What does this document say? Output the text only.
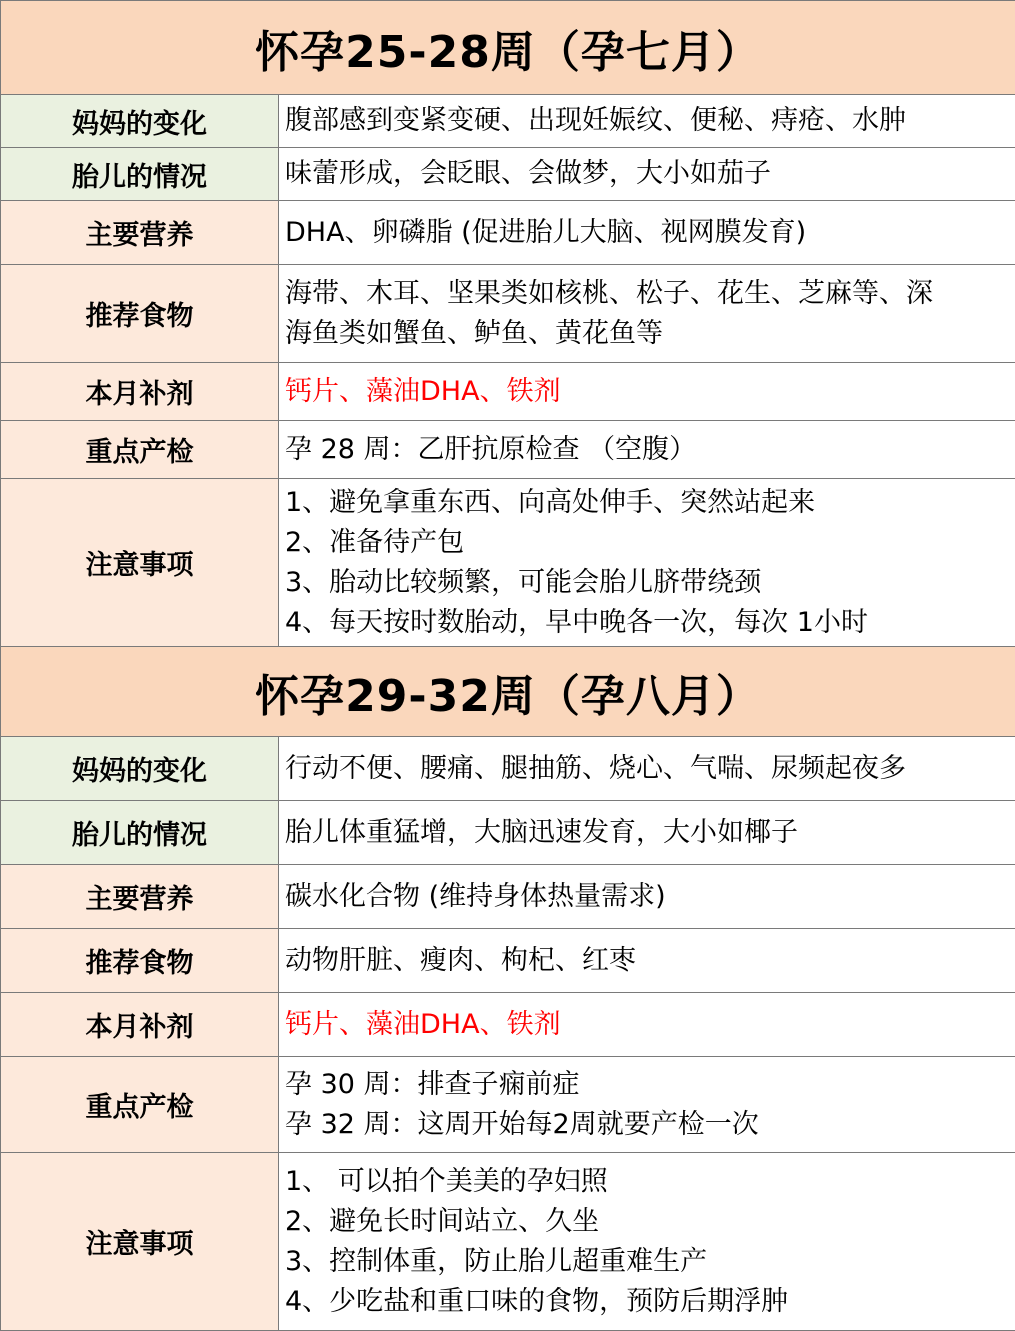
怀孕25-28周（孕七月）	
妈妈的变化	腹部感到变紧变硬、出现妊娠纹、便秘、痔疮、水肿

胎儿的情况	味蕾形成，会眨眼、会做梦，大小如茄子

主要营养	DHA、卵磷脂 (促进胎儿大脑、视网膜发育)

推荐食物	海带、木耳、坚果类如核桃、松子、花生、芝麻等、深
海鱼类如蟹鱼、鲈鱼、黄花鱼等

本月补剂	钙片、藻油DHA、铁剂

重点产检	孕 28 周：乙肝抗原检查 （空腹）

注意事项	1、避免拿重东西、向高处伸手、突然站起来
2、准备待产包
3、胎动比较频繁，可能会胎儿脐带绕颈
4、每天按时数胎动，早中晚各一次，每次 1小时

怀孕29-32周（孕八月）	
妈妈的变化	行动不便、腰痛、腿抽筋、烧心、气喘、尿频起夜多

胎儿的情况	胎儿体重猛增，大脑迅速发育，大小如椰子

主要营养	碳水化合物 (维持身体热量需求)

推荐食物	动物肝脏、瘦肉、枸杞、红枣

本月补剂	钙片、藻油DHA、铁剂

重点产检	孕 30 周：排查子痫前症
孕 32 周：这周开始每2周就要产检一次

注意事项	1、 可以拍个美美的孕妇照
2、避免长时间站立、久坐
3、控制体重，防止胎儿超重难生产
4、少吃盐和重口味的食物，预防后期浮肿
